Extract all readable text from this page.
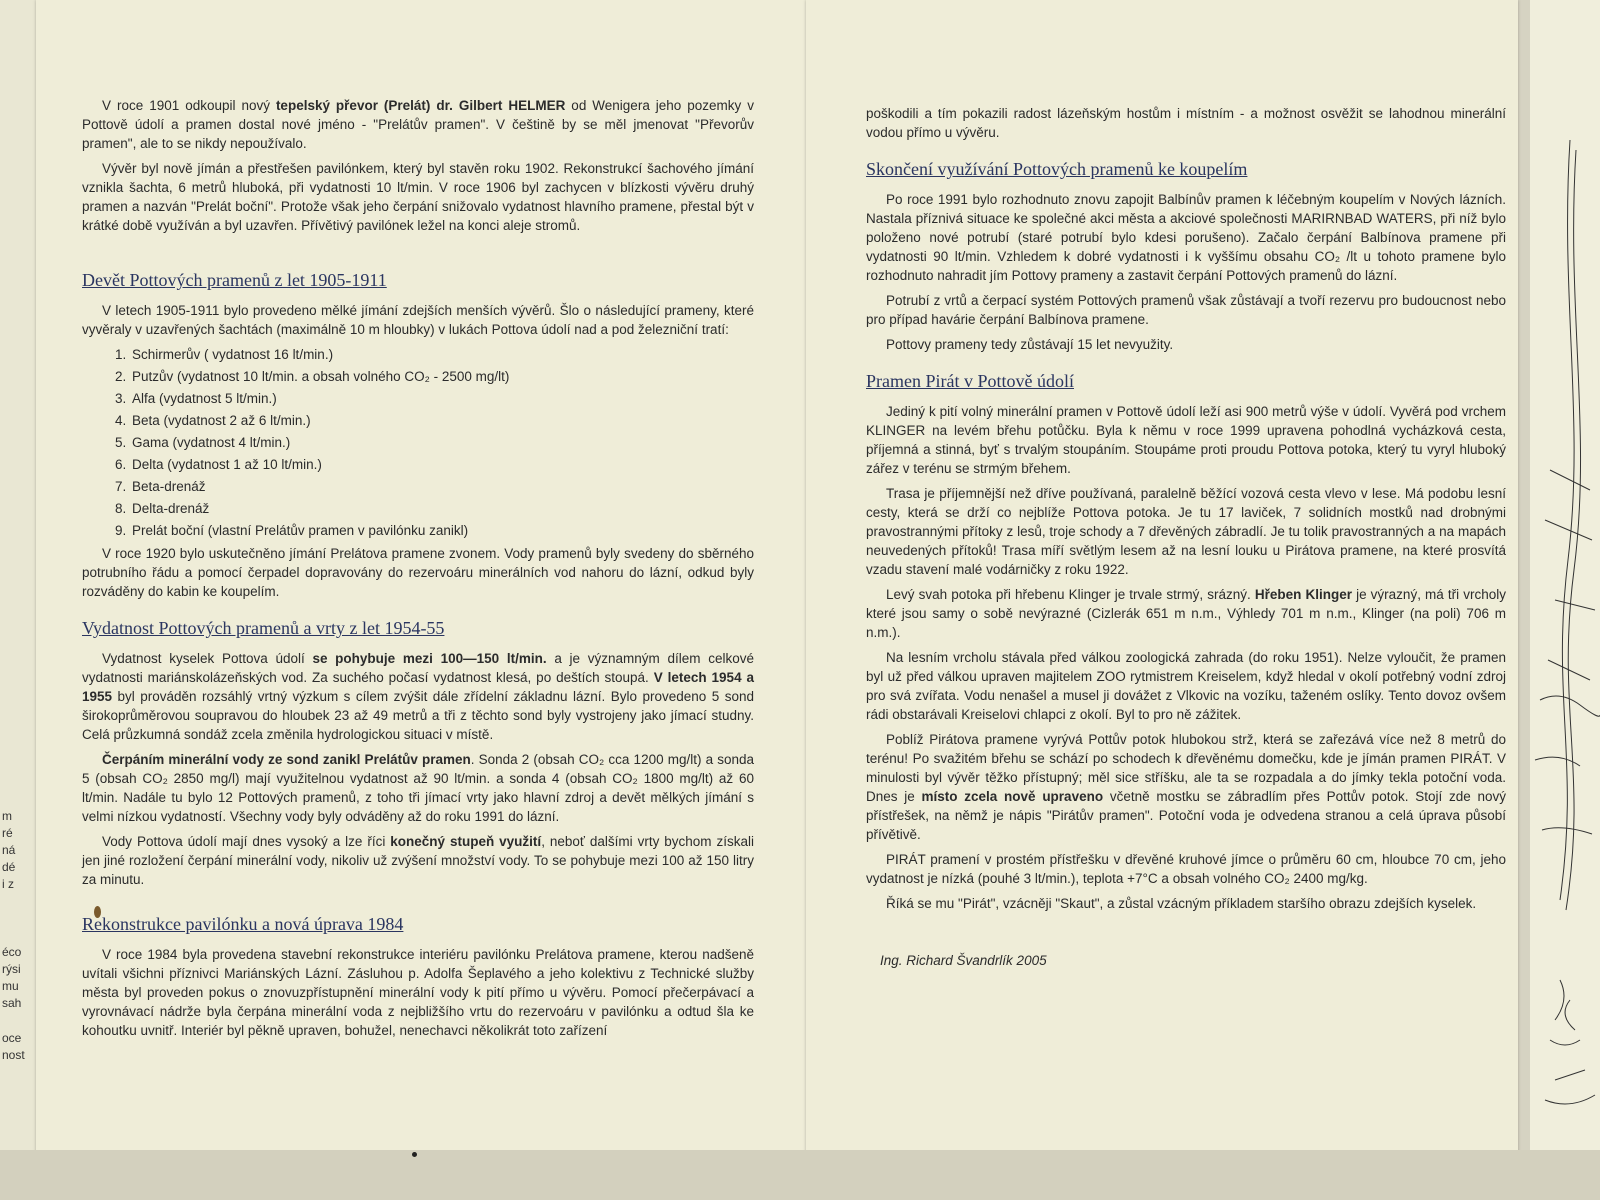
m
ré
ná
dé
i z
éco
rýsi
mu
sah
oce
nost

V roce 1901 odkoupil nový tepelský převor (Prelát) dr. Gilbert HELMER od Wenigera jeho pozemky v Pottově údolí a pramen dostal nové jméno - "Prelátův pramen". V češtině by se měl jmenovat "Převorův pramen", ale to se nikdy nepoužívalo.

Vývěr byl nově jímán a přestřešen pavilónkem, který byl stavěn roku 1902. Rekonstrukcí šachového jímání vznikla šachta, 6 metrů hluboká, při vydatnosti 10 lt/min. V roce 1906 byl zachycen v blízkosti vývěru druhý pramen a nazván "Prelát boční". Protože však jeho čerpání snižovalo vydatnost hlavního pramene, přestal být v krátké době využíván a byl uzavřen. Přívětivý pavilónek ležel na konci aleje stromů.

Devět Pottových pramenů z let 1905-1911

V letech 1905-1911 bylo provedeno mělké jímání zdejších menších vývěrů. Šlo o následující prameny, které vyvěraly v uzavřených šachtách (maximálně 10 m hloubky) v lukách Pottova údolí nad a pod železniční tratí:

1. Schirmerův ( vydatnost 16 lt/min.)
2. Putzův (vydatnost 10 lt/min. a obsah volného CO₂ - 2500 mg/lt)
3. Alfa (vydatnost 5 lt/min.)
4. Beta (vydatnost 2 až 6 lt/min.)
5. Gama (vydatnost 4 lt/min.)
6. Delta (vydatnost 1 až 10 lt/min.)
7. Beta-drenáž
8. Delta-drenáž
9. Prelát boční (vlastní Prelátův pramen v pavilónku zanikl)

V roce 1920 bylo uskutečněno jímání Prelátova pramene zvonem. Vody pramenů byly svedeny do sběrného potrubního řádu a pomocí čerpadel dopravovány do rezervoáru minerálních vod nahoru do lázní, odkud byly rozváděny do kabin ke koupelím.

Vydatnost Pottových pramenů a vrty z let 1954-55

Vydatnost kyselek Pottova údolí se pohybuje mezi 100—150 lt/min. a je významným dílem celkové vydatnosti mariánskolázeňských vod. Za suchého počasí vydatnost klesá, po deštích stoupá. V letech 1954 a 1955 byl prováděn rozsáhlý vrtný výzkum s cílem zvýšit dále zřídelní základnu lázní. Bylo provedeno 5 sond širokoprůměrovou soupravou do hloubek 23 až 49 metrů a tři z těchto sond byly vystrojeny jako jímací studny. Celá průzkumná sondáž zcela změnila hydrologickou situaci v místě.

Čerpáním minerální vody ze sond zanikl Prelátův pramen. Sonda 2 (obsah CO₂ cca 1200 mg/lt) a sonda 5 (obsah CO₂ 2850 mg/l) mají využitelnou vydatnost až 90 lt/min. a sonda 4 (obsah CO₂ 1800 mg/lt) až 60 lt/min. Nadále tu bylo 12 Pottových pramenů, z toho tři jímací vrty jako hlavní zdroj a devět mělkých jímání s velmi nízkou vydatností. Všechny vody byly odváděny až do roku 1991 do lázní.

Vody Pottova údolí mají dnes vysoký a lze říci konečný stupeň využití, neboť dalšími vrty bychom získali jen jiné rozložení čerpání minerální vody, nikoliv už zvýšení množství vody. To se pohybuje mezi 100 až 150 litry za minutu.

Rekonstrukce pavilónku a nová úprava 1984

V roce 1984 byla provedena stavební rekonstrukce interiéru pavilónku Prelátova pramene, kterou nadšeně uvítali všichni příznivci Mariánských Lázní. Zásluhou p. Adolfa Šeplavého a jeho kolektivu z Technické služby města byl proveden pokus o znovuzpřístupnění minerální vody k pití přímo u vývěru. Pomocí přečerpávací a vyrovnávací nádrže byla čerpána minerální voda z nejbližšího vrtu do rezervoáru v pavilónku a odtud šla ke kohoutku uvnitř. Interiér byl pěkně upraven, bohužel, nenechavci několikrát toto zařízení

poškodili a tím pokazili radost lázeňským hostům i místním - a možnost osvěžit se lahodnou minerální vodou přímo u vývěru.

Skončení využívání Pottových pramenů ke koupelím

Po roce 1991 bylo rozhodnuto znovu zapojit Balbínův pramen k léčebným koupelím v Nových lázních. Nastala příznivá situace ke společné akci města a akciové společnosti MARIRNBAD WATERS, při níž bylo položeno nové potrubí (staré potrubí bylo kdesi porušeno). Začalo čerpání Balbínova pramene při vydatnosti 90 lt/min. Vzhledem k dobré vydatnosti i k vyššímu obsahu CO₂ /lt u tohoto pramene bylo rozhodnuto nahradit jím Pottovy prameny a zastavit čerpání Pottových pramenů do lázní.

Potrubí z vrtů a čerpací systém Pottových pramenů však zůstávají a tvoří rezervu pro budoucnost nebo pro případ havárie čerpání Balbínova pramene.

Pottovy prameny tedy zůstávají 15 let nevyužity.

Pramen Pirát v Pottově údolí

Jediný k pití volný minerální pramen v Pottově údolí leží asi 900 metrů výše v údolí. Vyvěrá pod vrchem KLINGER na levém břehu potůčku. Byla k němu v roce 1999 upravena pohodlná vycházková cesta, příjemná a stinná, byť s trvalým stoupáním. Stoupáme proti proudu Pottova potoka, který tu vyryl hluboký zářez v terénu se strmým břehem.

Trasa je příjemnější než dříve používaná, paralelně běžící vozová cesta vlevo v lese. Má podobu lesní cesty, která se drží co nejblíže Pottova potoka. Je tu 17 laviček, 7 solidních mostků nad drobnými pravostrannými přítoky z lesů, troje schody a 7 dřevěných zábradlí. Je tu tolik pravostranných a na mapách neuvedených přítoků! Trasa míří světlým lesem až na lesní louku u Pirátova pramene, na které prosvítá vzadu stavení malé vodárničky z roku 1922.

Levý svah potoka při hřebenu Klinger je trvale strmý, srázný. Hřeben Klinger je výrazný, má tři vrcholy které jsou samy o sobě nevýrazné (Cizlerák 651 m n.m., Výhledy 701 m n.m., Klinger (na poli) 706 m n.m.).

Na lesním vrcholu stávala před válkou zoologická zahrada (do roku 1951). Nelze vyloučit, že pramen byl už před válkou upraven majitelem ZOO rytmistrem Kreiselem, když hledal v okolí potřebný vodní zdroj pro svá zvířata. Vodu nenašel a musel ji dovážet z Vlkovic na vozíku, taženém oslíky. Tento dovoz ovšem rádi obstarávali Kreiselovi chlapci z okolí. Byl to pro ně zážitek.

Poblíž Pirátova pramene vyrývá Pottův potok hlubokou strž, která se zařezává více než 8 metrů do terénu! Po svažitém břehu se schází po schodech k dřevěnému domečku, kde je jímán pramen PIRÁT. V minulosti byl vývěr těžko přístupný; měl sice stříšku, ale ta se rozpadala a do jímky tekla potoční voda. Dnes je místo zcela nově upraveno včetně mostku se zábradlím přes Pottův potok. Stojí zde nový přístřešek, na němž je nápis "Pirátův pramen". Potoční voda je odvedena stranou a celá úprava působí přívětivě.

PIRÁT pramení v prostém přístřešku v dřevěné kruhové jímce o průměru 60 cm, hloubce 70 cm, jeho vydatnost je nízká (pouhé 3 lt/min.), teplota +7°C a obsah volného CO₂ 2400 mg/kg.

Říká se mu "Pirát", vzácněji "Skaut", a zůstal vzácným příkladem staršího obrazu zdejších kyselek.

Ing. Richard Švandrlík 2005
